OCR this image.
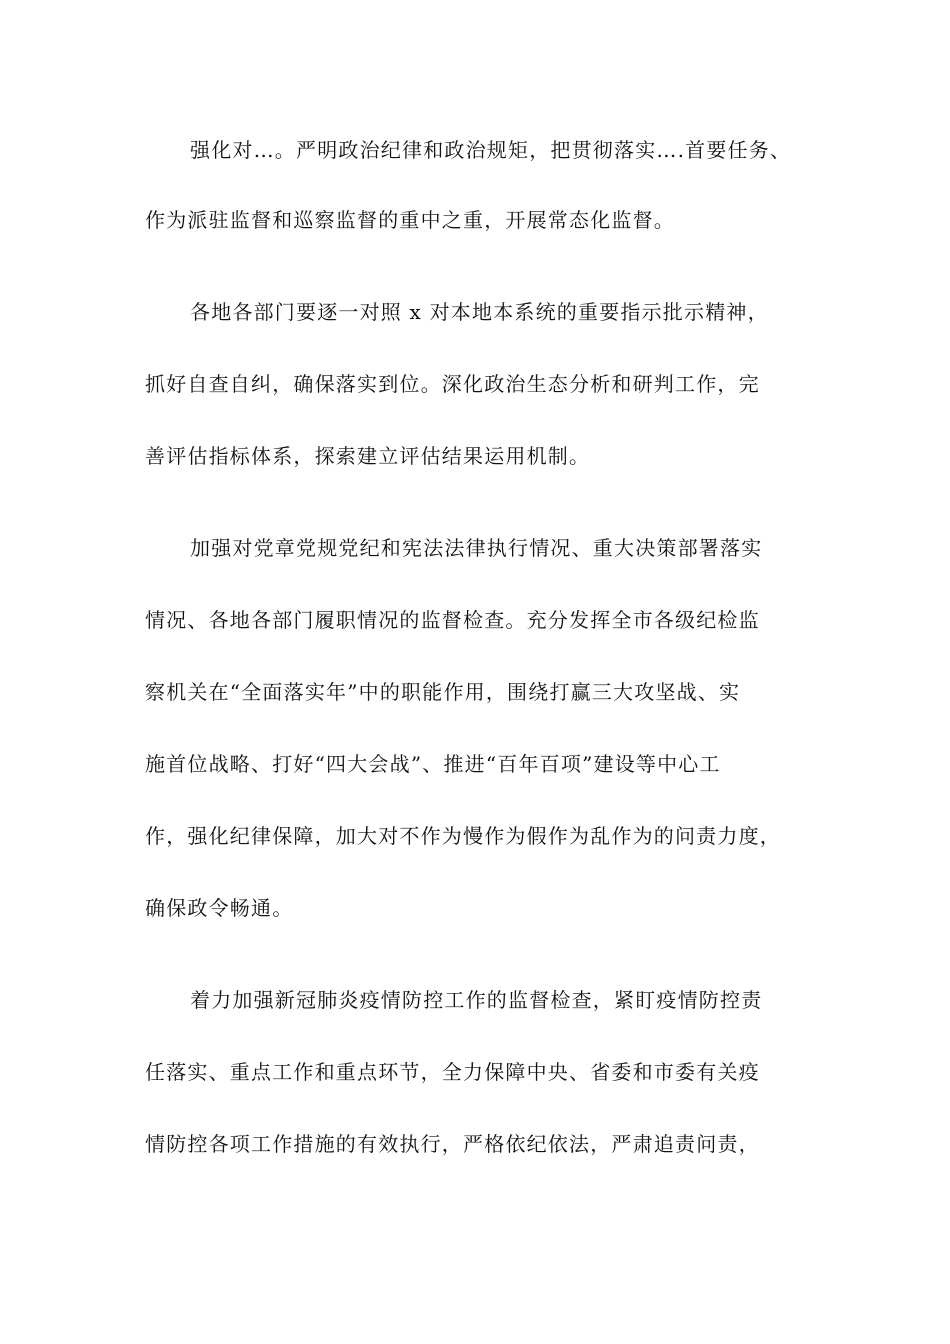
强化对…。严明政治纪律和政治规矩，把贯彻落实….首要任务、
作为派驻监督和巡察监督的重中之重，开展常态化监督。
各地各部门要逐一对照 x 对本地本系统的重要指示批示精神，
抓好自查自纠，确保落实到位。深化政治生态分析和研判工作，完
善评估指标体系，探索建立评估结果运用机制。
加强对党章党规党纪和宪法法律执行情况、重大决策部署落实
情况、各地各部门履职情况的监督检查。充分发挥全市各级纪检监
察机关在“全面落实年”中的职能作用，围绕打赢三大攻坚战、实
施首位战略、打好“四大会战”、推进“百年百项”建设等中心工
作，强化纪律保障，加大对不作为慢作为假作为乱作为的问责力度，
确保政令畅通。
着力加强新冠肺炎疫情防控工作的监督检查，紧盯疫情防控责
任落实、重点工作和重点环节，全力保障中央、省委和市委有关疫
情防控各项工作措施的有效执行，严格依纪依法，严肃追责问责，
